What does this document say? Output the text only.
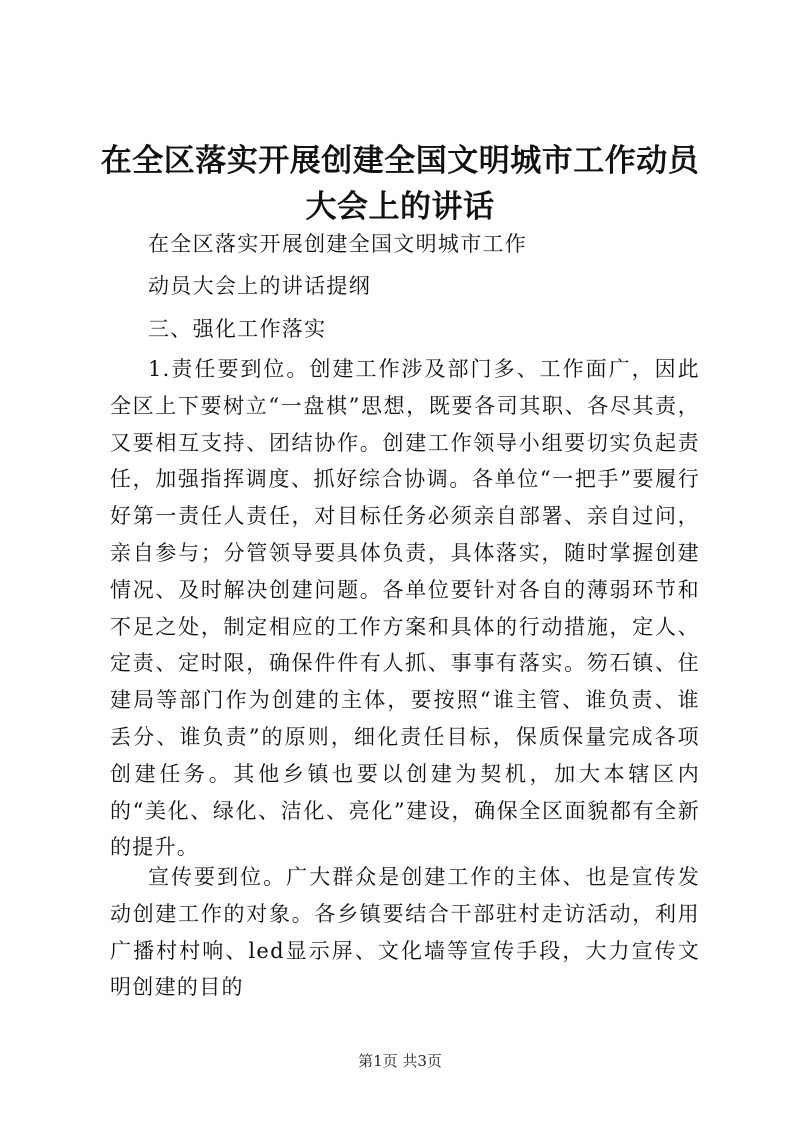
在全区落实开展创建全国文明城市工作动员大会上的讲话

在全区落实开展创建全国文明城市工作

动员大会上的讲话提纲

三、强化工作落实

1.责任要到位。创建工作涉及部门多、工作面广，因此全区上下要树立“一盘棋”思想，既要各司其职、各尽其责，又要相互支持、团结协作。创建工作领导小组要切实负起责任，加强指挥调度、抓好综合协调。各单位“一把手”要履行好第一责任人责任，对目标任务必须亲自部署、亲自过问，亲自参与；分管领导要具体负责，具体落实，随时掌握创建情况、及时解决创建问题。各单位要针对各自的薄弱环节和不足之处，制定相应的工作方案和具体的行动措施，定人、定责、定时限，确保件件有人抓、事事有落实。笏石镇、住建局等部门作为创建的主体，要按照“谁主管、谁负责、谁丢分、谁负责”的原则，细化责任目标，保质保量完成各项创建任务。其他乡镇也要以创建为契机，加大本辖区内的“美化、绿化、洁化、亮化”建设，确保全区面貌都有全新的提升。

宣传要到位。广大群众是创建工作的主体、也是宣传发动创建工作的对象。各乡镇要结合干部驻村走访活动，利用广播村村响、led显示屏、文化墙等宣传手段，大力宣传文明创建的目的

第1页 共3页
